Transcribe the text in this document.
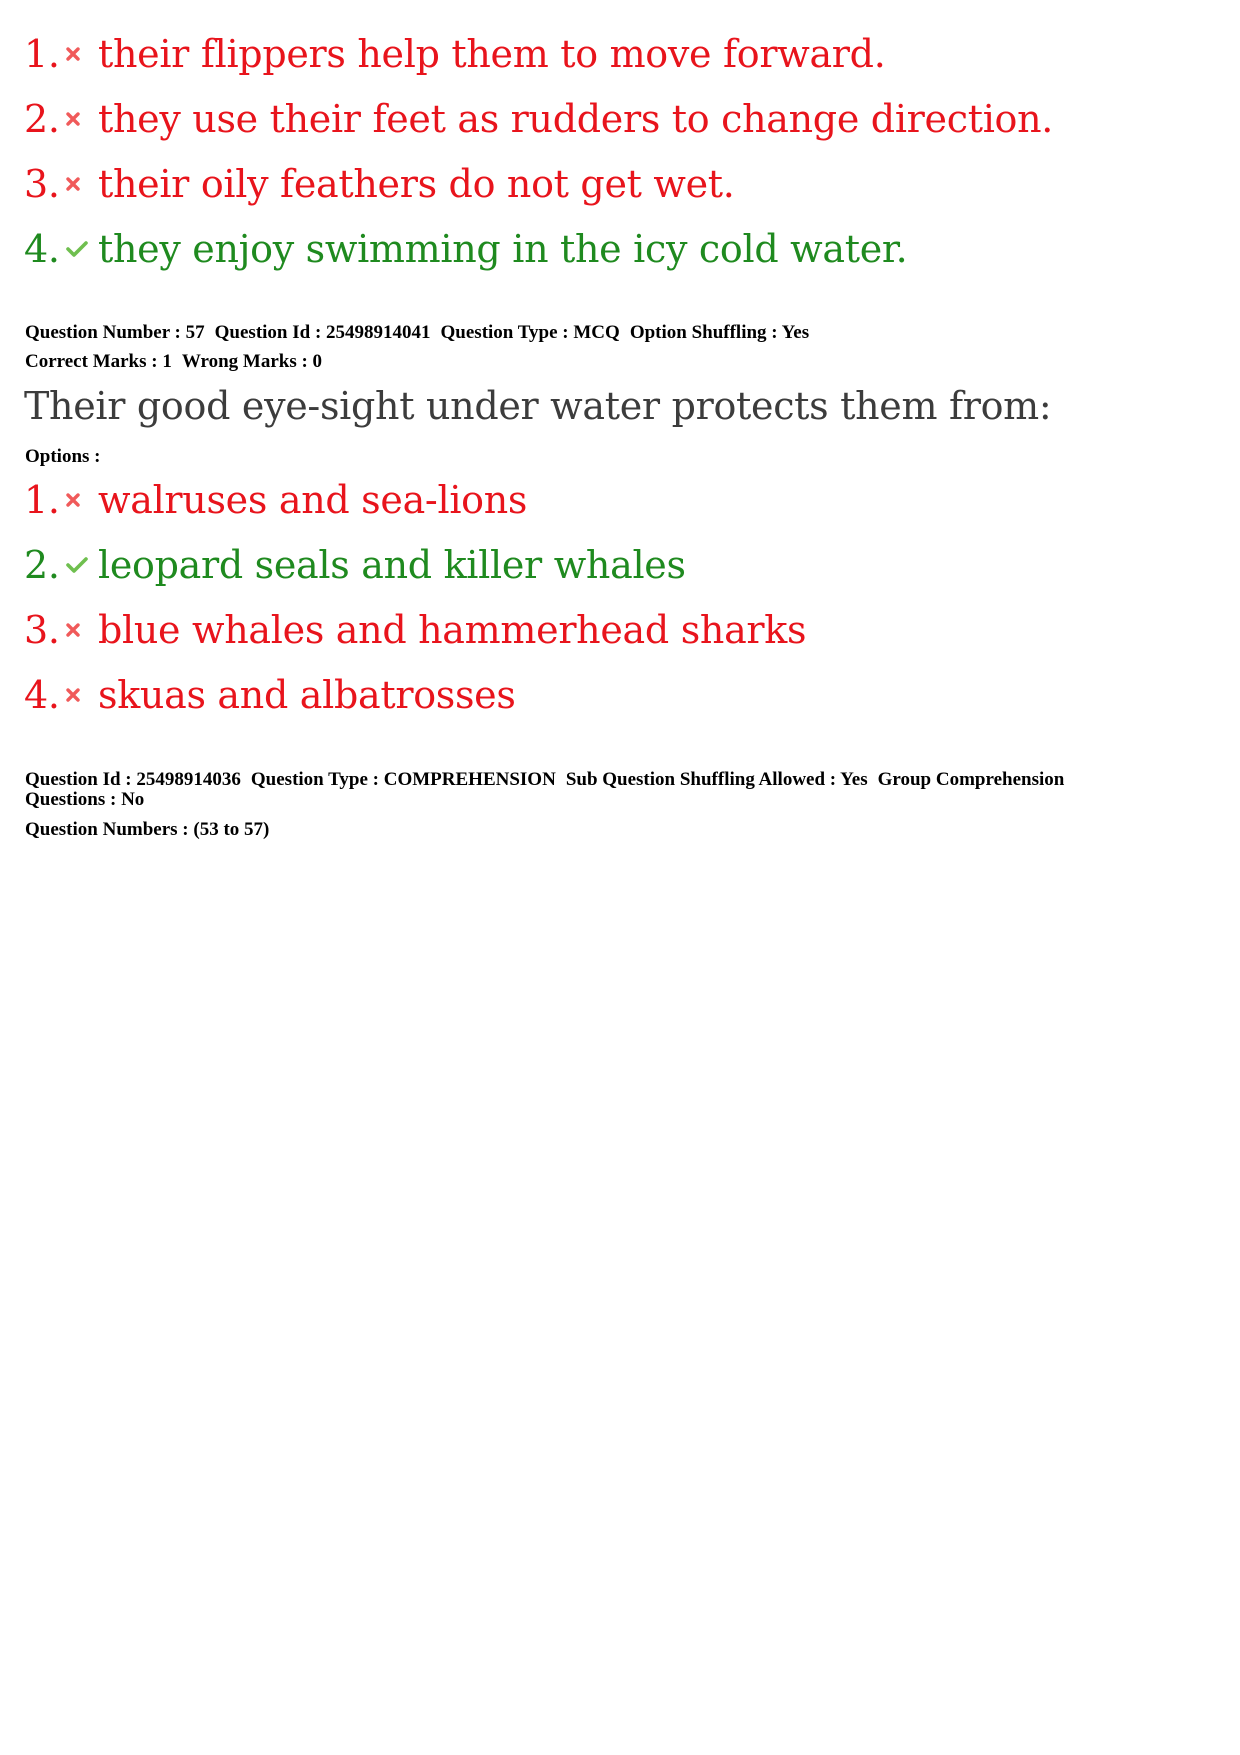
1. their flippers help them to move forward.
2. they use their feet as rudders to change direction.
3. their oily feathers do not get wet.
4. they enjoy swimming in the icy cold water.
Question Number : 57 Question Id : 25498914041 Question Type : MCQ Option Shuffling : Yes
Correct Marks : 1 Wrong Marks : 0
Their good eye-sight under water protects them from:
Options :
1. walruses and sea-lions
2. leopard seals and killer whales
3. blue whales and hammerhead sharks
4. skuas and albatrosses
Question Id : 25498914036 Question Type : COMPREHENSION Sub Question Shuffling Allowed : Yes Group Comprehension
Questions : No
Question Numbers : (53 to 57)
